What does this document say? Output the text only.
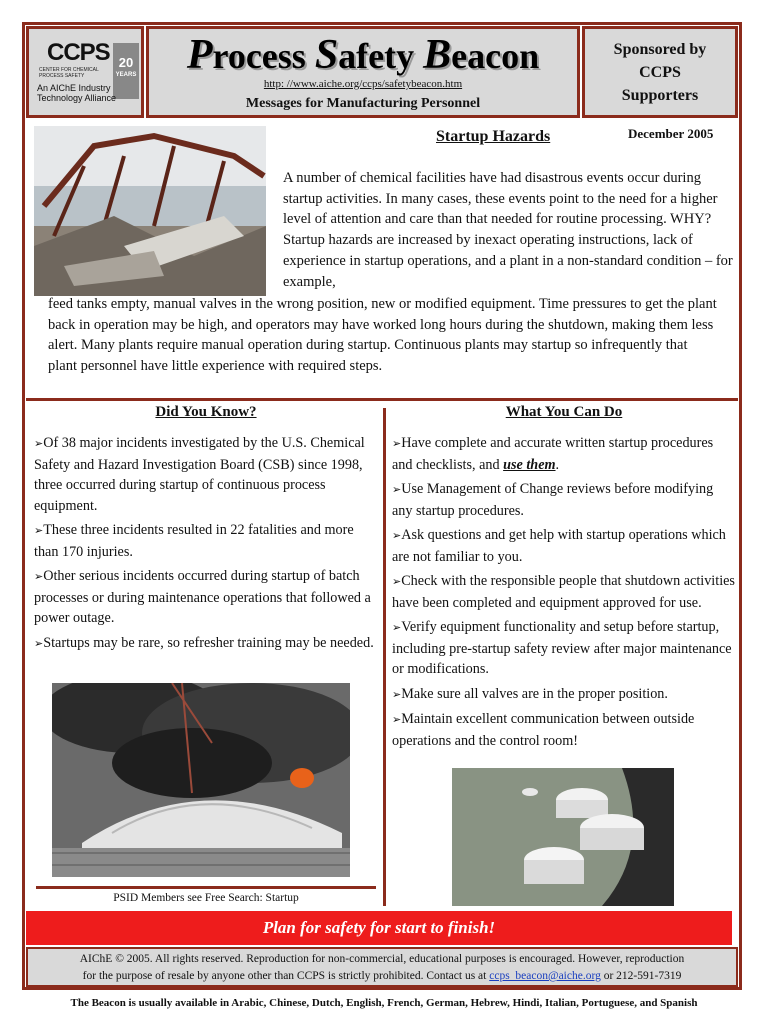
CCPS 20
YEARS
CENTER FOR CHEMICAL PROCESS SAFETY
An AIChE Industry Technology Alliance
Process Safety Beacon
http: //www.aiche.org/ccps/safetybeacon.htm
Messages for Manufacturing Personnel
Sponsored by
CCPS
Supporters
Startup Hazards	December 2005

A number of chemical facilities have had disastrous events occur during startup activities. In many cases, these events point to the need for a higher level of attention and care than that needed for routine processing. WHY? Startup hazards are increased by inexact operating instructions, lack of experience in startup operations, and a plant in a non-standard condition – for example,

feed tanks empty, manual valves in the wrong position, new or modified equipment. Time pressures to get the plant back in operation may be high, and operators may have worked long hours during the shutdown, making them less alert. Many plants require manual operation during startup. Continuous plants may startup so infrequently that plant personnel have little experience with required steps.

Did You Know?

➢Of 38 major incidents investigated by the U.S. Chemical Safety and Hazard Investigation Board (CSB) since 1998, three occurred during startup of continuous process equipment.

➢These three incidents resulted in 22 fatalities and more than 170 injuries.

➢Other serious incidents occurred during startup of batch processes or during maintenance operations that followed a power outage.

➢Startups may be rare, so refresher training may be needed.

PSID Members see Free Search: Startup
What You Can Do

➢Have complete and accurate written startup procedures and checklists, and use them.

➢Use Management of Change reviews before modifying any startup procedures.

➢Ask questions and get help with startup operations which are not familiar to you.

➢Check with the responsible people that shutdown activities have been completed and equipment approved for use.

➢Verify equipment functionality and setup before startup, including pre-startup safety review after major maintenance or modifications.

➢Make sure all valves are in the proper position.

➢Maintain excellent communication between outside operations and the control room!

Plan for safety for start to finish!
AIChE © 2005. All rights reserved. Reproduction for non-commercial, educational purposes is encouraged. However, reproduction
for the purpose of resale by anyone other than CCPS is strictly prohibited. Contact us at ccps_beacon@aiche.org or 212-591-7319
The Beacon is usually available in Arabic, Chinese, Dutch, English, French, German, Hebrew, Hindi, Italian, Portuguese, and Spanish
